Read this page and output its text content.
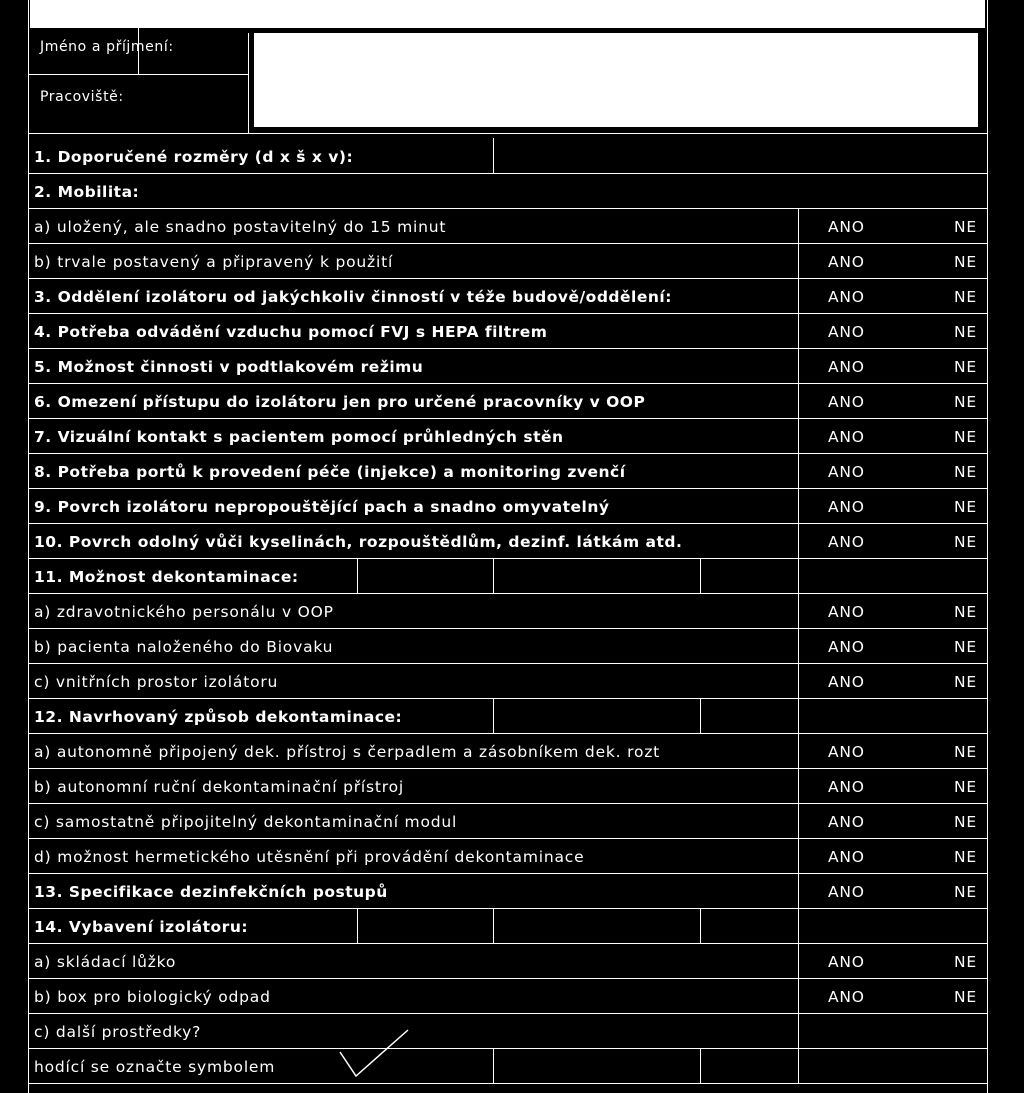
Jméno a příjmení:
Pracoviště:
1. Doporučené rozměry (d x š x v):
2. Mobilita:
a) uložený, ale snadno postavitelný do 15 minut	ANO	NE
b) trvale postavený a připravený k použití	ANO	NE
3. Oddělení izolátoru od jakýchkoliv činností v téže budově/oddělení:	ANO	NE
4. Potřeba odvádění vzduchu pomocí FVJ s HEPA filtrem	ANO	NE
5. Možnost činnosti v podtlakovém režimu	ANO	NE
6. Omezení přístupu do izolátoru jen pro určené pracovníky v OOP	ANO	NE
7. Vizuální kontakt s pacientem pomocí průhledných stěn	ANO	NE
8. Potřeba portů k provedení péče (injekce) a monitoring zvenčí	ANO	NE
9. Povrch izolátoru nepropouštějící pach a snadno omyvatelný	ANO	NE
10. Povrch odolný vůči kyselinách, rozpouštědlům, dezinf. látkám atd.	ANO	NE
11. Možnost dekontaminace:
a) zdravotnického personálu v OOP	ANO	NE
b) pacienta naloženého do Biovaku	ANO	NE
c) vnitřních prostor izolátoru	ANO	NE
12. Navrhovaný způsob dekontaminace:
a) autonomně připojený dek. přístroj s čerpadlem a zásobníkem dek. rozt	ANO	NE
b) autonomní ruční dekontaminační přístroj	ANO	NE
c) samostatně připojitelný dekontaminační modul	ANO	NE
d) možnost hermetického utěsnění při provádění dekontaminace	ANO	NE
13. Specifikace dezinfekčních postupů	ANO	NE
14. Vybavení izolátoru:
a) skládací lůžko	ANO	NE
b) box pro biologický odpad	ANO	NE
c) další prostředky?
hodící se označte symbolem
